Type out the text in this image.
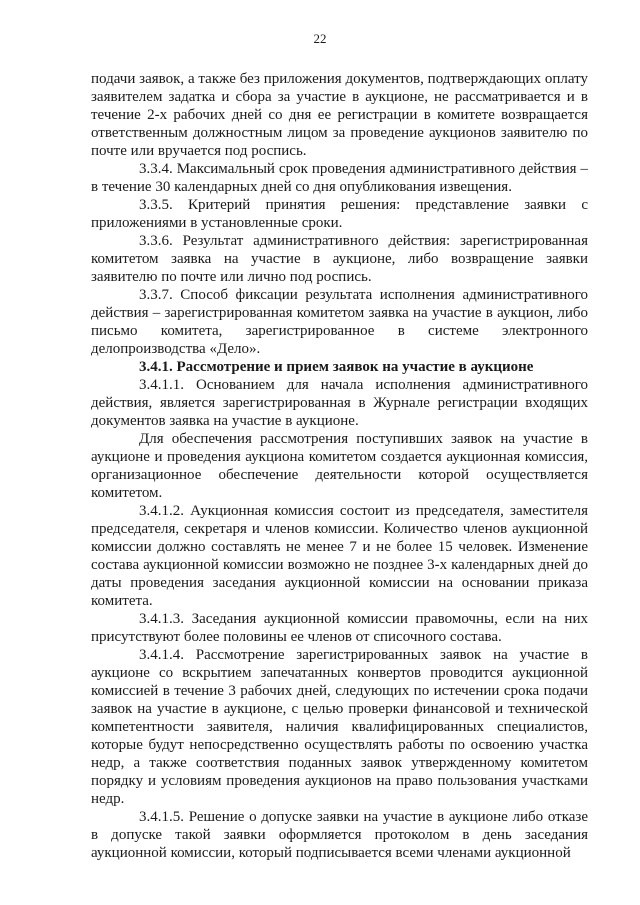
22

подачи заявок, а также без приложения документов, подтверждающих оплату заявителем задатка и сбора за участие в аукционе, не рассматривается и в течение 2-х рабочих дней со дня ее регистрации в комитете возвращается ответственным должностным лицом за проведение аукционов заявителю по почте или вручается под роспись.

3.3.4. Максимальный срок проведения административного действия – в течение 30 календарных дней со дня опубликования извещения.

3.3.5. Критерий принятия решения: представление заявки с приложениями в установленные сроки.

3.3.6. Результат административного действия: зарегистрированная комитетом заявка на участие в аукционе, либо возвращение заявки заявителю по почте или лично под роспись.

3.3.7. Способ фиксации результата исполнения административного действия – зарегистрированная комитетом заявка на участие в аукцион, либо письмо комитета, зарегистрированное в системе электронного делопроизводства «Дело».

3.4.1. Рассмотрение и прием заявок на участие в аукционе

3.4.1.1. Основанием для начала исполнения административного действия, является зарегистрированная в Журнале регистрации входящих документов заявка на участие в аукционе.

Для обеспечения рассмотрения поступивших заявок на участие в аукционе и проведения аукциона комитетом создается аукционная комиссия, организационное обеспечение деятельности которой осуществляется комитетом.

3.4.1.2. Аукционная комиссия состоит из председателя, заместителя председателя, секретаря и членов комиссии. Количество членов аукционной комиссии должно составлять не менее 7 и не более 15 человек. Изменение состава аукционной комиссии возможно не позднее 3-х календарных дней до даты проведения заседания аукционной комиссии на основании приказа комитета.

3.4.1.3. Заседания аукционной комиссии правомочны, если на них присутствуют более половины ее членов от списочного состава.

3.4.1.4. Рассмотрение зарегистрированных заявок на участие в аукционе со вскрытием запечатанных конвертов проводится аукционной комиссией в течение 3 рабочих дней, следующих по истечении срока подачи заявок на участие в аукционе, с целью проверки финансовой и технической компетентности заявителя, наличия квалифицированных специалистов, которые будут непосредственно осуществлять работы по освоению участка недр, а также соответствия поданных заявок утвержденному комитетом порядку и условиям проведения аукционов на право пользования участками недр.

3.4.1.5. Решение о допуске заявки на участие в аукционе либо отказе в допуске такой заявки оформляется протоколом в день заседания аукционной комиссии, который подписывается всеми членами аукционной
